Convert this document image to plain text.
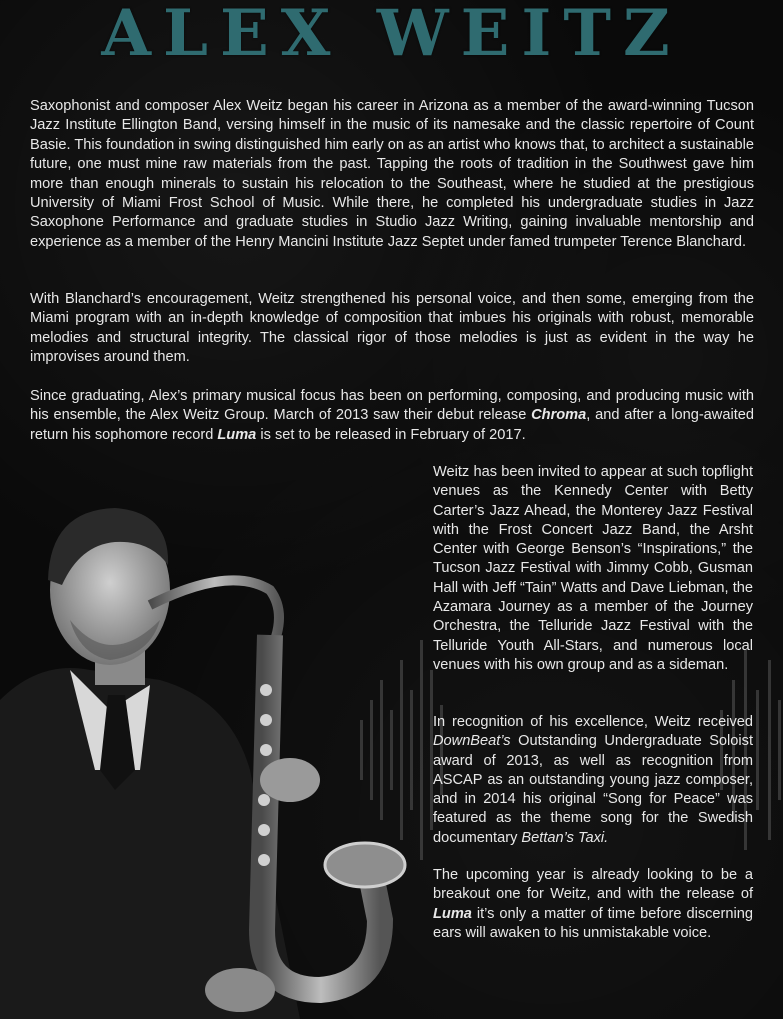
ALEX WEITZ

Saxophonist and composer Alex Weitz began his career in Arizona as a member of the award-winning Tucson Jazz Institute Ellington Band, versing himself in the music of its namesake and the classic repertoire of Count Basie. This foundation in swing distinguished him early on as an artist who knows that, to architect a sustainable future, one must mine raw materials from the past. Tapping the roots of tradition in the Southwest gave him more than enough minerals to sustain his relocation to the Southeast, where he studied at the prestigious University of Miami Frost School of Music. While there, he completed his undergraduate studies in Jazz Saxophone Performance and graduate studies in Studio Jazz Writing, gaining invaluable mentorship and experience as a member of the Henry Mancini Institute Jazz Septet under famed trumpeter Terence Blanchard.

With Blanchard’s encouragement, Weitz strengthened his personal voice, and then some, emerging from the Miami program with an in-depth knowledge of composition that imbues his originals with robust, memorable melodies and structural integrity. The classical rigor of those melodies is just as evident in the way he improvises around them.

Since graduating, Alex’s primary musical focus has been on performing, composing, and producing music with his ensemble, the Alex Weitz Group. March of 2013 saw their debut release Chroma, and after a long-awaited return his sophomore record Luma is set to be released in February of 2017.

Weitz has been invited to appear at such topflight venues as the Kennedy Center with Betty Carter’s Jazz Ahead, the Monterey Jazz Festival with the Frost Concert Jazz Band, the Arsht Center with George Benson’s “Inspirations,” the Tucson Jazz Festival with Jimmy Cobb, Gusman Hall with Jeff “Tain” Watts and Dave Liebman, the Azamara Journey as a member of the Journey Orchestra, the Telluride Jazz Festival with the Telluride Youth All-Stars, and numerous local venues with his own group and as a sideman.

In recognition of his excellence, Weitz received DownBeat’s Outstanding Undergraduate Soloist award of 2013, as well as recognition from ASCAP as an outstanding young jazz composer, and in 2014 his original “Song for Peace” was featured as the theme song for the Swedish documentary Bettan’s Taxi.

The upcoming year is already looking to be a breakout one for Weitz, and with the release of Luma it’s only a matter of time before discerning ears will awaken to his unmistakable voice.
